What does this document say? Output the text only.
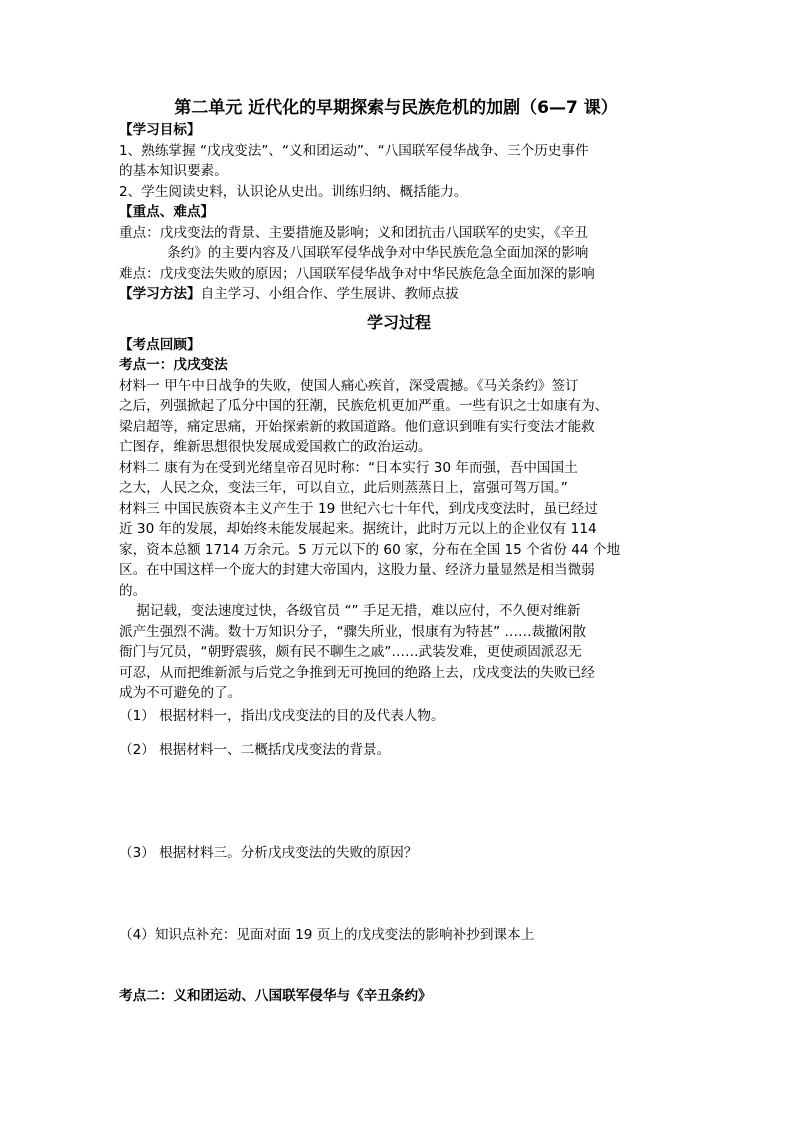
第二单元 近代化的早期探索与民族危机的加剧（6—7 课）
【学习目标】
1、熟练掌握 “戊戌变法”、“义和团运动”、“八国联军侵华战争、三个历史事件
的基本知识要素。
2、学生阅读史料，认识论从史出。训练归纳、概括能力。
【重点、难点】
重点：戊戌变法的背景、主要措施及影响；义和团抗击八国联军的史实，《辛丑
条约》的主要内容及八国联军侵华战争对中华民族危急全面加深的影响
难点：戊戌变法失败的原因；八国联军侵华战争对中华民族危急全面加深的影响
【学习方法】自主学习、小组合作、学生展讲、教师点拔
学习过程
【考点回顾】
考点一：戊戌变法
材料一 甲午中日战争的失败，使国人痛心疾首，深受震撼。《马关条约》签订
之后，列强掀起了瓜分中国的狂潮，民族危机更加严重。一些有识之士如康有为、
梁启超等，痛定思痛，开始探索新的救国道路。他们意识到唯有实行变法才能救
亡图存，维新思想很快发展成爱国救亡的政治运动。
材料二 康有为在受到光绪皇帝召见时称：“日本实行 30 年而强，吾中国国土
之大，人民之众，变法三年，可以自立，此后则蒸蒸日上，富强可驾万国。”
材料三 中国民族资本主义产生于 19 世纪六七十年代，到戊戌变法时，虽已经过
近 30 年的发展，却始终未能发展起来。据统计，此时万元以上的企业仅有 114
家，资本总额 1714 万余元。5 万元以下的 60 家，分布在全国 15 个省份 44 个地
区。在中国这样一个庞大的封建大帝国内，这股力量、经济力量显然是相当微弱
的。
据记载，变法速度过快，各级官员 “” 手足无措，难以应付，不久便对维新
派产生强烈不满。数十万知识分子，“骤失所业，恨康有为特甚” ……裁撤闲散
衙门与冗员，“朝野震骇，颇有民不聊生之戚”……武装发难，更使顽固派忍无
可忍，从而把维新派与后党之争推到无可挽回的绝路上去，戊戌变法的失败已经
成为不可避免的了。
（1） 根据材料一，指出戊戌变法的目的及代表人物。
（2） 根据材料一、二概括戊戌变法的背景。
（3） 根据材料三。分析戊戌变法的失败的原因？
（4）知识点补充：见面对面 19 页上的戊戌变法的影响补抄到课本上
考点二：义和团运动、八国联军侵华与《辛丑条约》
